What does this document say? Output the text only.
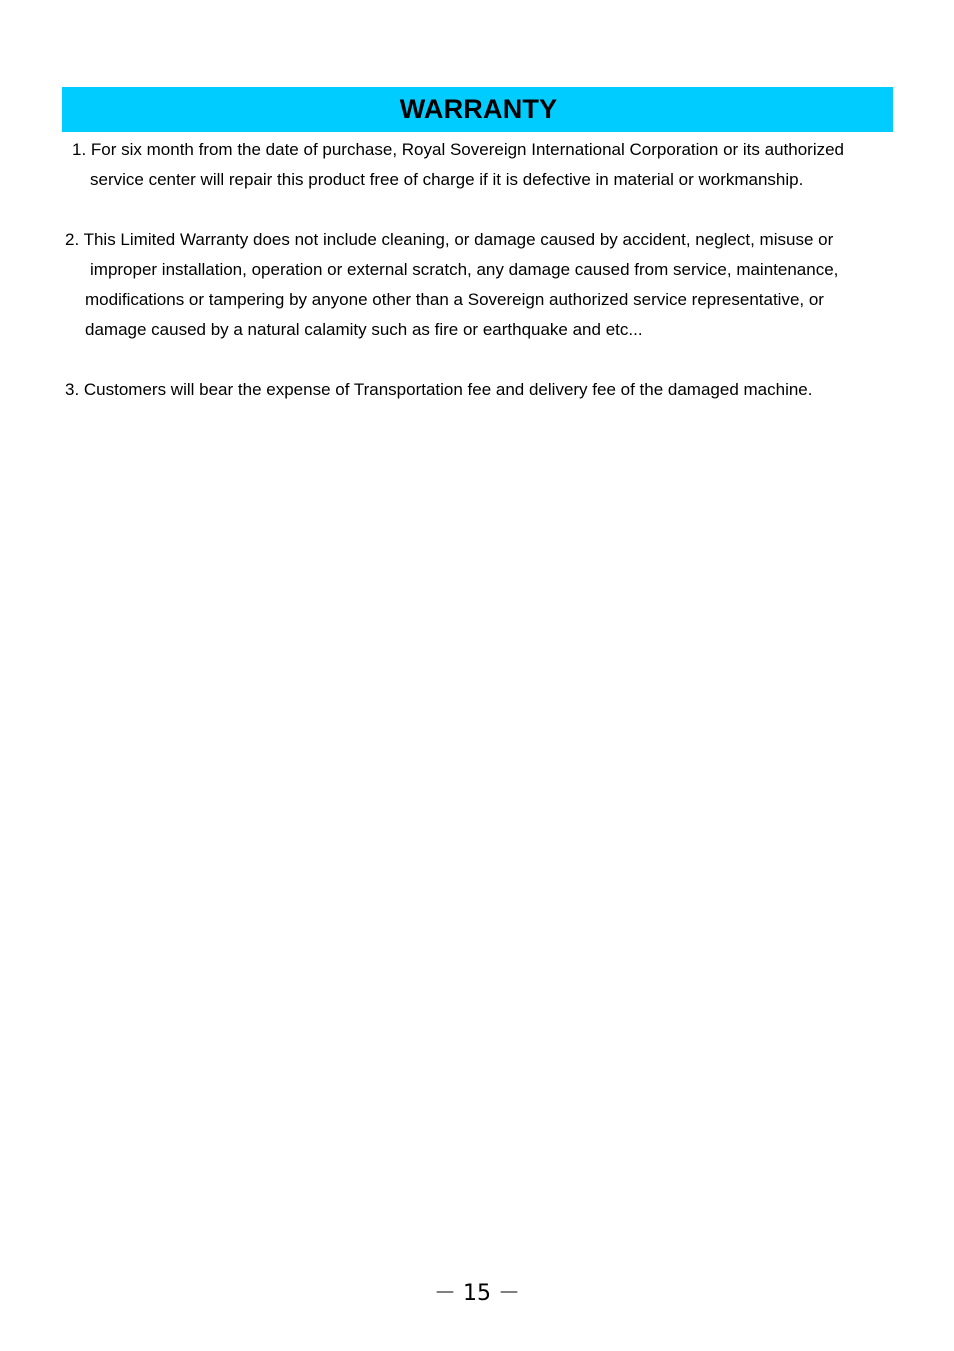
WARRANTY
1. For six month from the date of purchase, Royal Sovereign International Corporation or its authorized
service center will repair this product free of charge if it is defective in material or workmanship.
2. This Limited Warranty does not include cleaning, or damage caused by accident, neglect, misuse or
improper installation, operation or external scratch, any damage caused from service, maintenance,
modifications or tampering by anyone other than a Sovereign authorized service representative, or
damage caused by a natural calamity such as fire or earthquake and etc...
3. Customers will bear the expense of Transportation fee and delivery fee of the damaged machine.
－ 15 －
